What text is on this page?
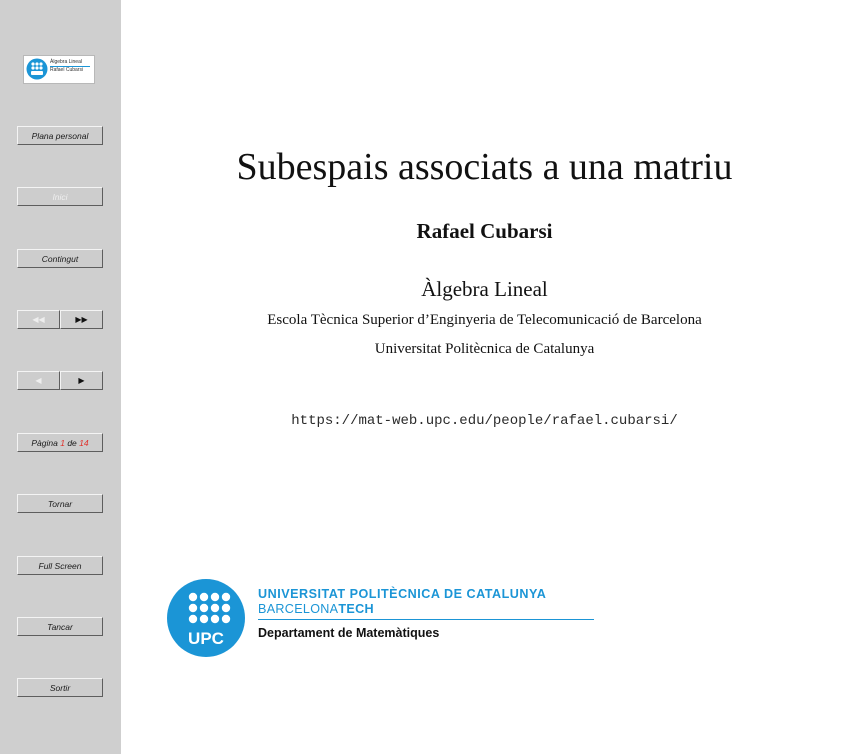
Àlgebra Lineal
Rafael Cubarsi
Plana personal
Inici
Contingut
◀◀	▶▶
◀	▶
Pàgina
1
de
14
Tornar
Full Screen
Tancar
Sortir
Subespais associats a una matriu
Rafael Cubarsi
Àlgebra Lineal
Escola Tècnica Superior d’Enginyeria de Telecomunicació de Barcelona
Universitat Politècnica de Catalunya
https://mat-web.upc.edu/people/rafael.cubarsi/
UPC
UNIVERSITAT POLITÈCNICA DE CATALUNYA
BARCELONATECH
Departament de Matemàtiques
